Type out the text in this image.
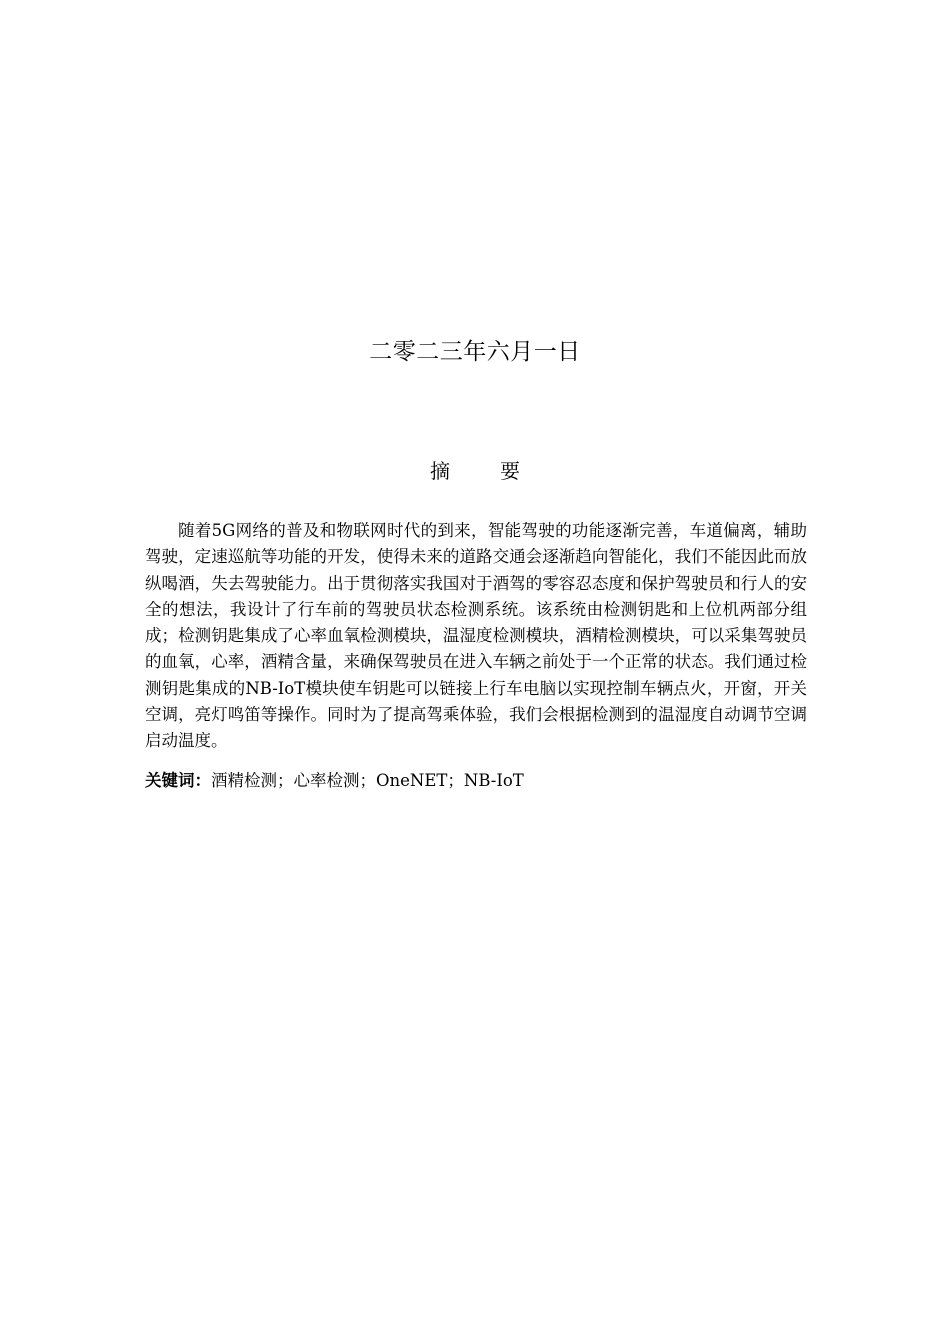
二零二三年六月一日
摘	要

随着5G网络的普及和物联网时代的到来，智能驾驶的功能逐渐完善，车道偏离，辅助驾驶，定速巡航等功能的开发，使得未来的道路交通会逐渐趋向智能化，我们不能因此而放纵喝酒，失去驾驶能力。出于贯彻落实我国对于酒驾的零容忍态度和保护驾驶员和行人的安全的想法，我设计了行车前的驾驶员状态检测系统。该系统由检测钥匙和上位机两部分组成；检测钥匙集成了心率血氧检测模块，温湿度检测模块，酒精检测模块，可以采集驾驶员的血氧，心率，酒精含量，来确保驾驶员在进入车辆之前处于一个正常的状态。我们通过检测钥匙集成的NB-IoT模块使车钥匙可以链接上行车电脑以实现控制车辆点火，开窗，开关空调，亮灯鸣笛等操作。同时为了提高驾乘体验，我们会根据检测到的温湿度自动调节空调启动温度。

关键词：酒精检测；心率检测；OneNET；NB-IoT
